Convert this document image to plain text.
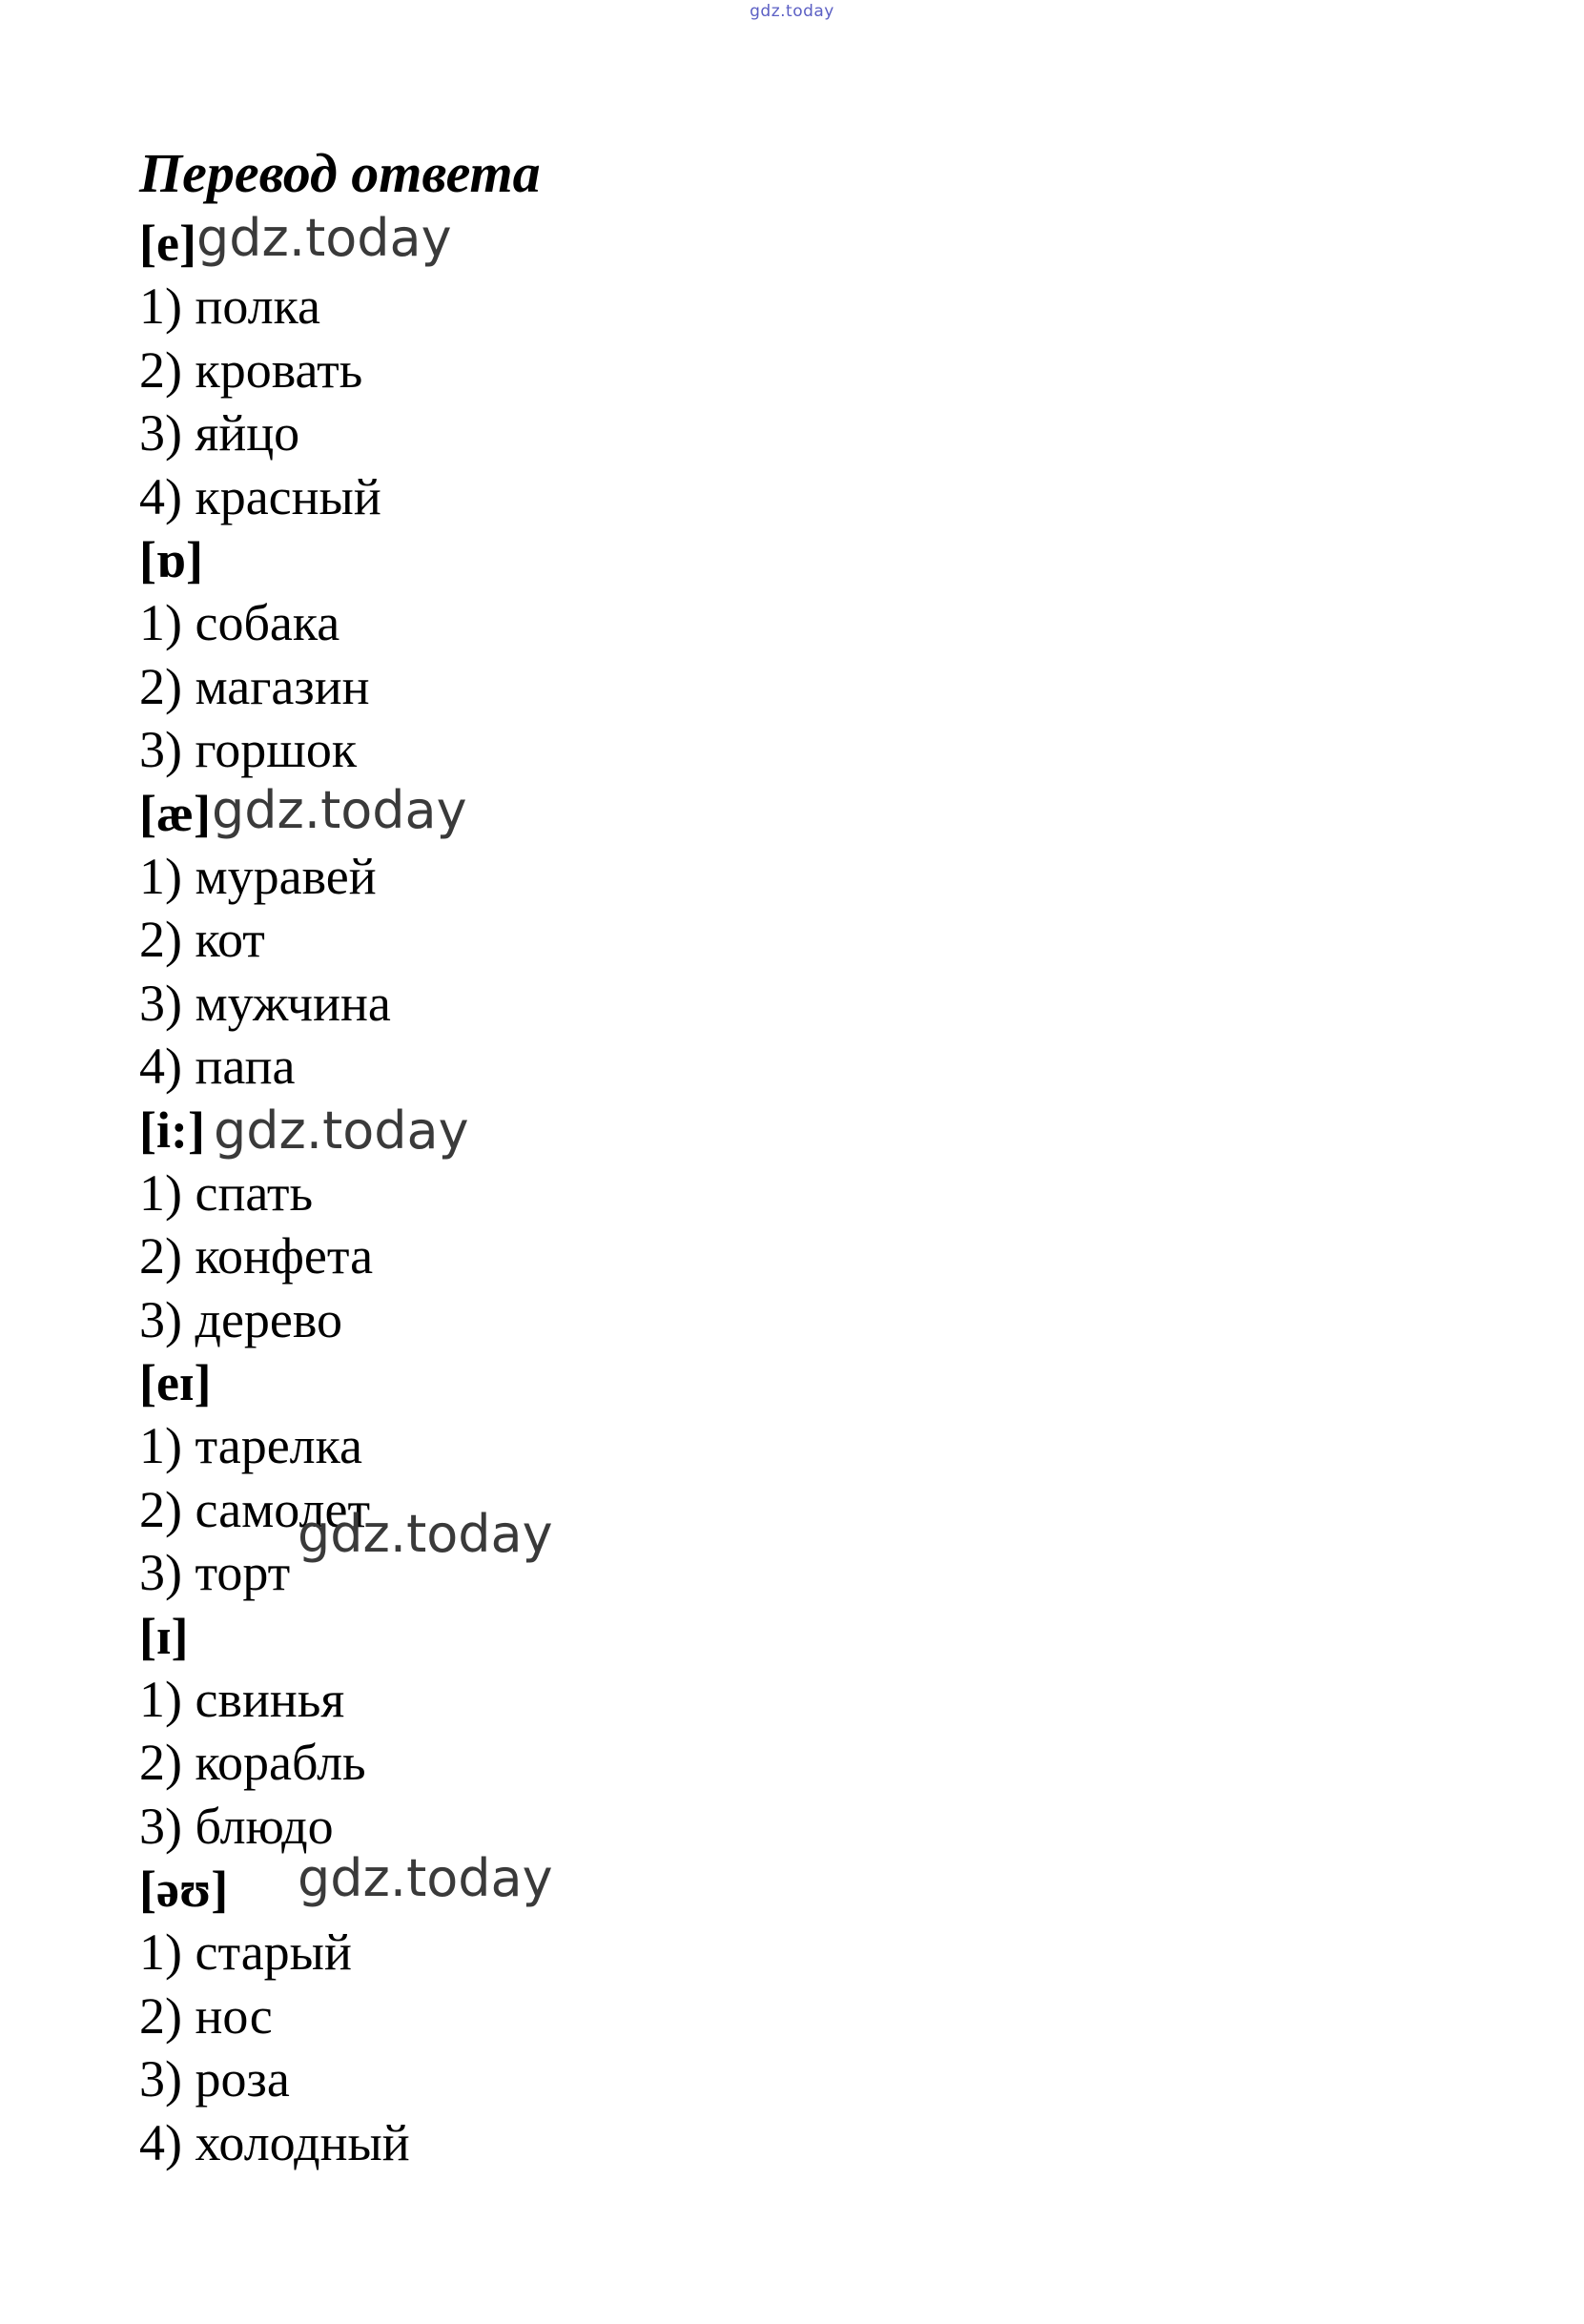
gdz.today

Перевод ответа

[e] gdz.today

1) полка

2) кровать

3) яйцо

4) красный

[ɒ]

1) собака

2) магазин

3) горшок

[æ] gdz.today

1) муравей

2) кот

3) мужчина

4) папа

[i:] gdz.today

1) спать

2) конфета

3) дерево

[eɪ]

1) тарелка

2) самолет

3) торт

gdz.today

[ɪ]

1) свинья

2) корабль

3) блюдо

[əʊ]	gdz.today

1) старый

2) нос

3) роза

4) холодный
